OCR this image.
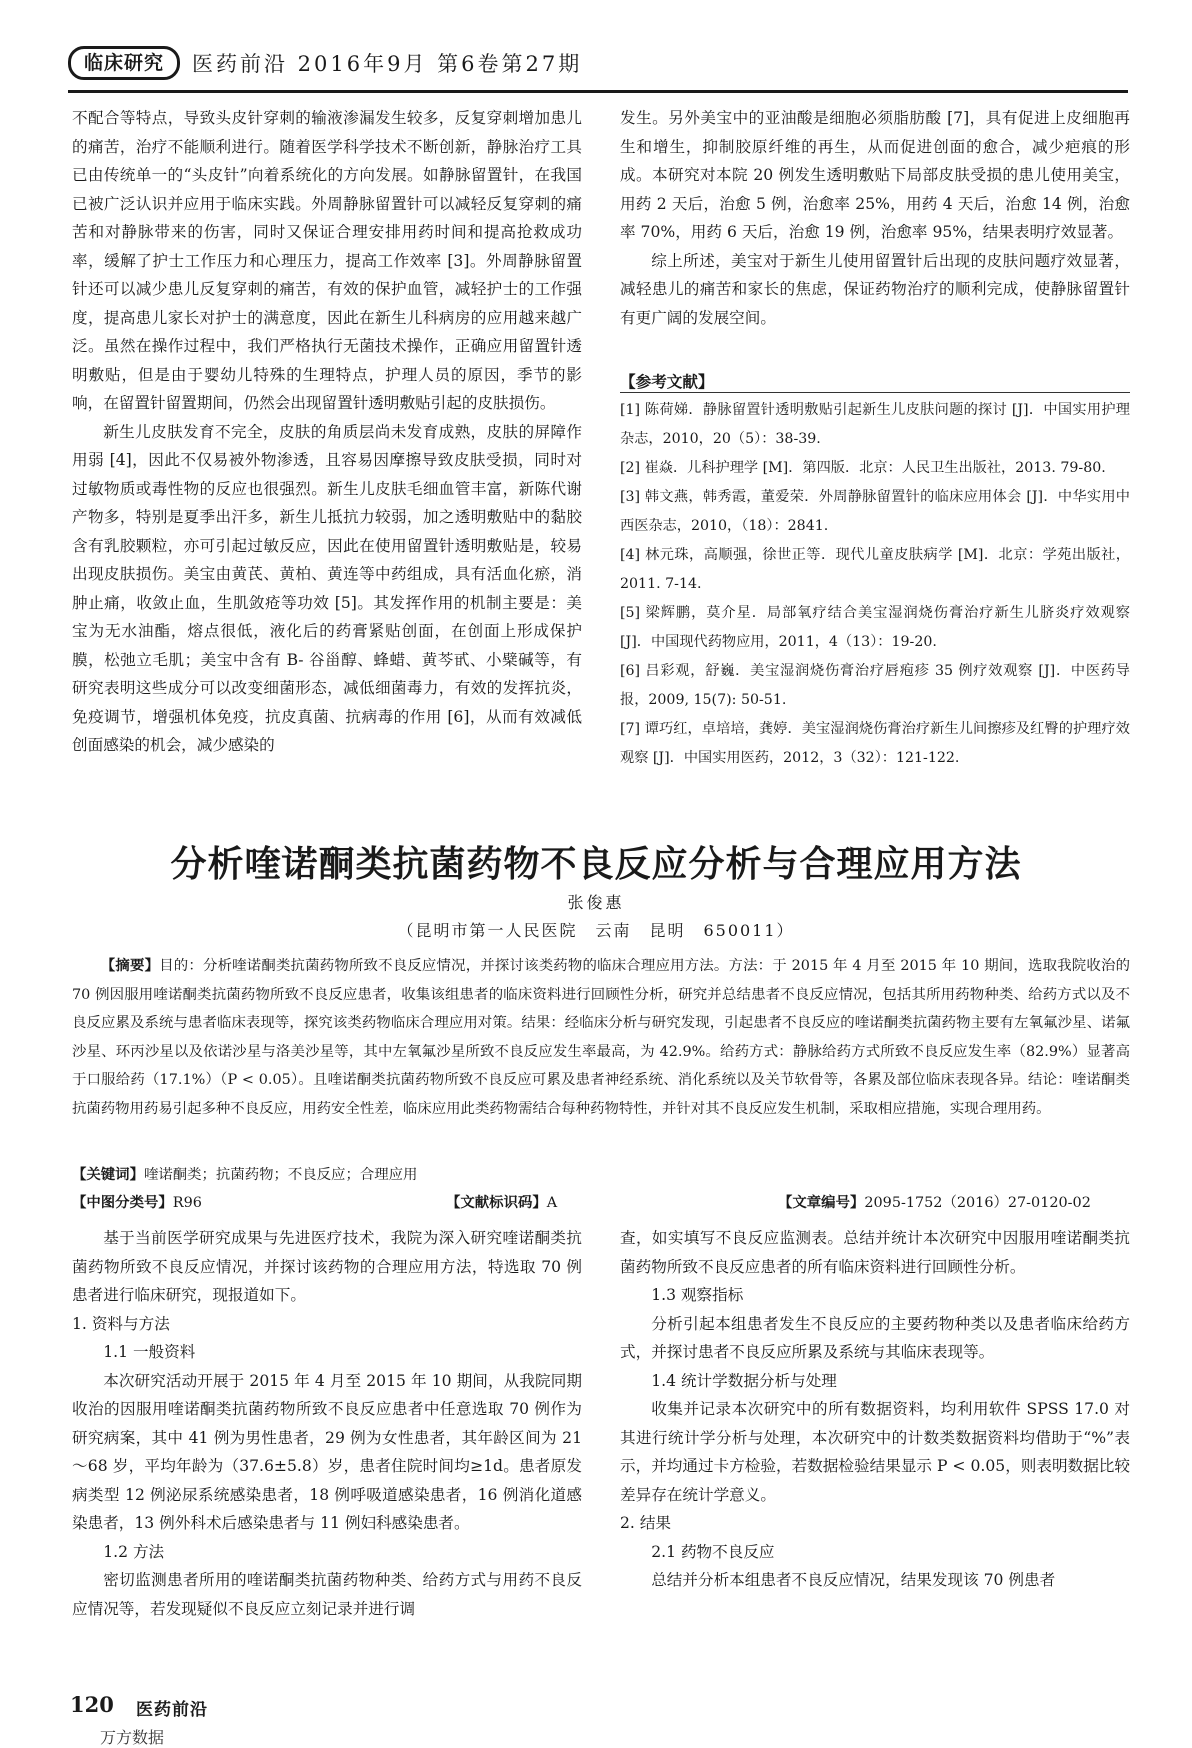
临床研究	医药前沿 2016年9月 第6卷第27期

不配合等特点，导致头皮针穿刺的输液渗漏发生较多，反复穿刺增加患儿的痛苦，治疗不能顺利进行。随着医学科学技术不断创新，静脉治疗工具已由传统单一的“头皮针”向着系统化的方向发展。如静脉留置针，在我国已被广泛认识并应用于临床实践。外周静脉留置针可以减轻反复穿刺的痛苦和对静脉带来的伤害，同时又保证合理安排用药时间和提高抢救成功率，缓解了护士工作压力和心理压力，提高工作效率 [3]。外周静脉留置针还可以减少患儿反复穿刺的痛苦，有效的保护血管，减轻护士的工作强度，提高患儿家长对护士的满意度，因此在新生儿科病房的应用越来越广泛。虽然在操作过程中，我们严格执行无菌技术操作，正确应用留置针透明敷贴，但是由于婴幼儿特殊的生理特点，护理人员的原因，季节的影响，在留置针留置期间，仍然会出现留置针透明敷贴引起的皮肤损伤。

新生儿皮肤发育不完全，皮肤的角质层尚未发育成熟，皮肤的屏障作用弱 [4]，因此不仅易被外物渗透，且容易因摩擦导致皮肤受损，同时对过敏物质或毒性物的反应也很强烈。新生儿皮肤毛细血管丰富，新陈代谢产物多，特别是夏季出汗多，新生儿抵抗力较弱，加之透明敷贴中的黏胶含有乳胶颗粒，亦可引起过敏反应，因此在使用留置针透明敷贴是，较易出现皮肤损伤。美宝由黄芪、黄柏、黄连等中药组成，具有活血化瘀，消肿止痛，收敛止血，生肌敛疮等功效 [5]。其发挥作用的机制主要是：美宝为无水油酯，熔点很低，液化后的药膏紧贴创面，在创面上形成保护膜，松弛立毛肌；美宝中含有 B- 谷甾醇、蜂蜡、黄芩甙、小檗碱等，有研究表明这些成分可以改变细菌形态，减低细菌毒力，有效的发挥抗炎，免疫调节，增强机体免疫，抗皮真菌、抗病毒的作用 [6]，从而有效减低创面感染的机会，减少感染的

发生。另外美宝中的亚油酸是细胞必须脂肪酸 [7]，具有促进上皮细胞再生和增生，抑制胶原纤维的再生，从而促进创面的愈合，减少疤痕的形成。本研究对本院 20 例发生透明敷贴下局部皮肤受损的患儿使用美宝，用药 2 天后，治愈 5 例，治愈率 25%，用药 4 天后，治愈 14 例，治愈率 70%，用药 6 天后，治愈 19 例，治愈率 95%，结果表明疗效显著。

综上所述，美宝对于新生儿使用留置针后出现的皮肤问题疗效显著，减轻患儿的痛苦和家长的焦虑，保证药物治疗的顺利完成，使静脉留置针有更广阔的发展空间。

【参考文献】

[1] 陈荷娣．静脉留置针透明敷贴引起新生儿皮肤问题的探讨 [J]．中国实用护理杂志，2010，20（5）：38-39.

[2] 崔焱．儿科护理学 [M]．第四版．北京：人民卫生出版社，2013. 79-80.

[3] 韩文燕，韩秀霞，董爱荣．外周静脉留置针的临床应用体会 [J]．中华实用中西医杂志，2010，（18）：2841.

[4] 林元珠，高顺强，徐世正等．现代儿童皮肤病学 [M]．北京：学苑出版社，2011. 7-14.

[5] 梁辉鹏，莫介星．局部氧疗结合美宝湿润烧伤膏治疗新生儿脐炎疗效观察 [J]．中国现代药物应用，2011，4（13）：19-20.

[6] 吕彩观，舒巍．美宝湿润烧伤膏治疗唇疱疹 35 例疗效观察 [J]．中医药导报，2009, 15(7): 50-51.

[7] 谭巧红，卓培培，龚婷．美宝湿润烧伤膏治疗新生儿间擦疹及红臀的护理疗效观察 [J]．中国实用医药，2012，3（32）：121-122.

分析喹诺酮类抗菌药物不良反应分析与合理应用方法
张俊惠
（昆明市第一人民医院　云南　昆明　650011）

【摘要】目的：分析喹诺酮类抗菌药物所致不良反应情况，并探讨该类药物的临床合理应用方法。方法：于 2015 年 4 月至 2015 年 10 期间，选取我院收治的 70 例因服用喹诺酮类抗菌药物所致不良反应患者，收集该组患者的临床资料进行回顾性分析，研究并总结患者不良反应情况，包括其所用药物种类、给药方式以及不良反应累及系统与患者临床表现等，探究该类药物临床合理应用对策。结果：经临床分析与研究发现，引起患者不良反应的喹诺酮类抗菌药物主要有左氧氟沙星、诺氟沙星、环丙沙星以及依诺沙星与洛美沙星等，其中左氧氟沙星所致不良反应发生率最高，为 42.9%。给药方式：静脉给药方式所致不良反应发生率（82.9%）显著高于口服给药（17.1%）（P < 0.05）。且喹诺酮类抗菌药物所致不良反应可累及患者神经系统、消化系统以及关节软骨等，各累及部位临床表现各异。结论：喹诺酮类抗菌药物用药易引起多种不良反应，用药安全性差，临床应用此类药物需结合每种药物特性，并针对其不良反应发生机制，采取相应措施，实现合理用药。

【关键词】喹诺酮类；抗菌药物；不良反应；合理应用
【中图分类号】R96	【文献标识码】A	【文章编号】2095-1752（2016）27-0120-02

基于当前医学研究成果与先进医疗技术，我院为深入研究喹诺酮类抗菌药物所致不良反应情况，并探讨该药物的合理应用方法，特选取 70 例患者进行临床研究，现报道如下。

1. 资料与方法

1.1 一般资料

本次研究活动开展于 2015 年 4 月至 2015 年 10 期间，从我院同期收治的因服用喹诺酮类抗菌药物所致不良反应患者中任意选取 70 例作为研究病案，其中 41 例为男性患者，29 例为女性患者，其年龄区间为 21～68 岁，平均年龄为（37.6±5.8）岁，患者住院时间均≥1d。患者原发病类型 12 例泌尿系统感染患者，18 例呼吸道感染患者，16 例消化道感染患者，13 例外科术后感染患者与 11 例妇科感染患者。

1.2 方法

密切监测患者所用的喹诺酮类抗菌药物种类、给药方式与用药不良反应情况等，若发现疑似不良反应立刻记录并进行调

查，如实填写不良反应监测表。总结并统计本次研究中因服用喹诺酮类抗菌药物所致不良反应患者的所有临床资料进行回顾性分析。

1.3 观察指标

分析引起本组患者发生不良反应的主要药物种类以及患者临床给药方式，并探讨患者不良反应所累及系统与其临床表现等。

1.4 统计学数据分析与处理

收集并记录本次研究中的所有数据资料，均利用软件 SPSS 17.0 对其进行统计学分析与处理，本次研究中的计数类数据资料均借助于“%”表示，并均通过卡方检验，若数据检验结果显示 P < 0.05，则表明数据比较差异存在统计学意义。

2. 结果

2.1 药物不良反应

总结并分析本组患者不良反应情况，结果发现该 70 例患者

120 医药前沿
万方数据
